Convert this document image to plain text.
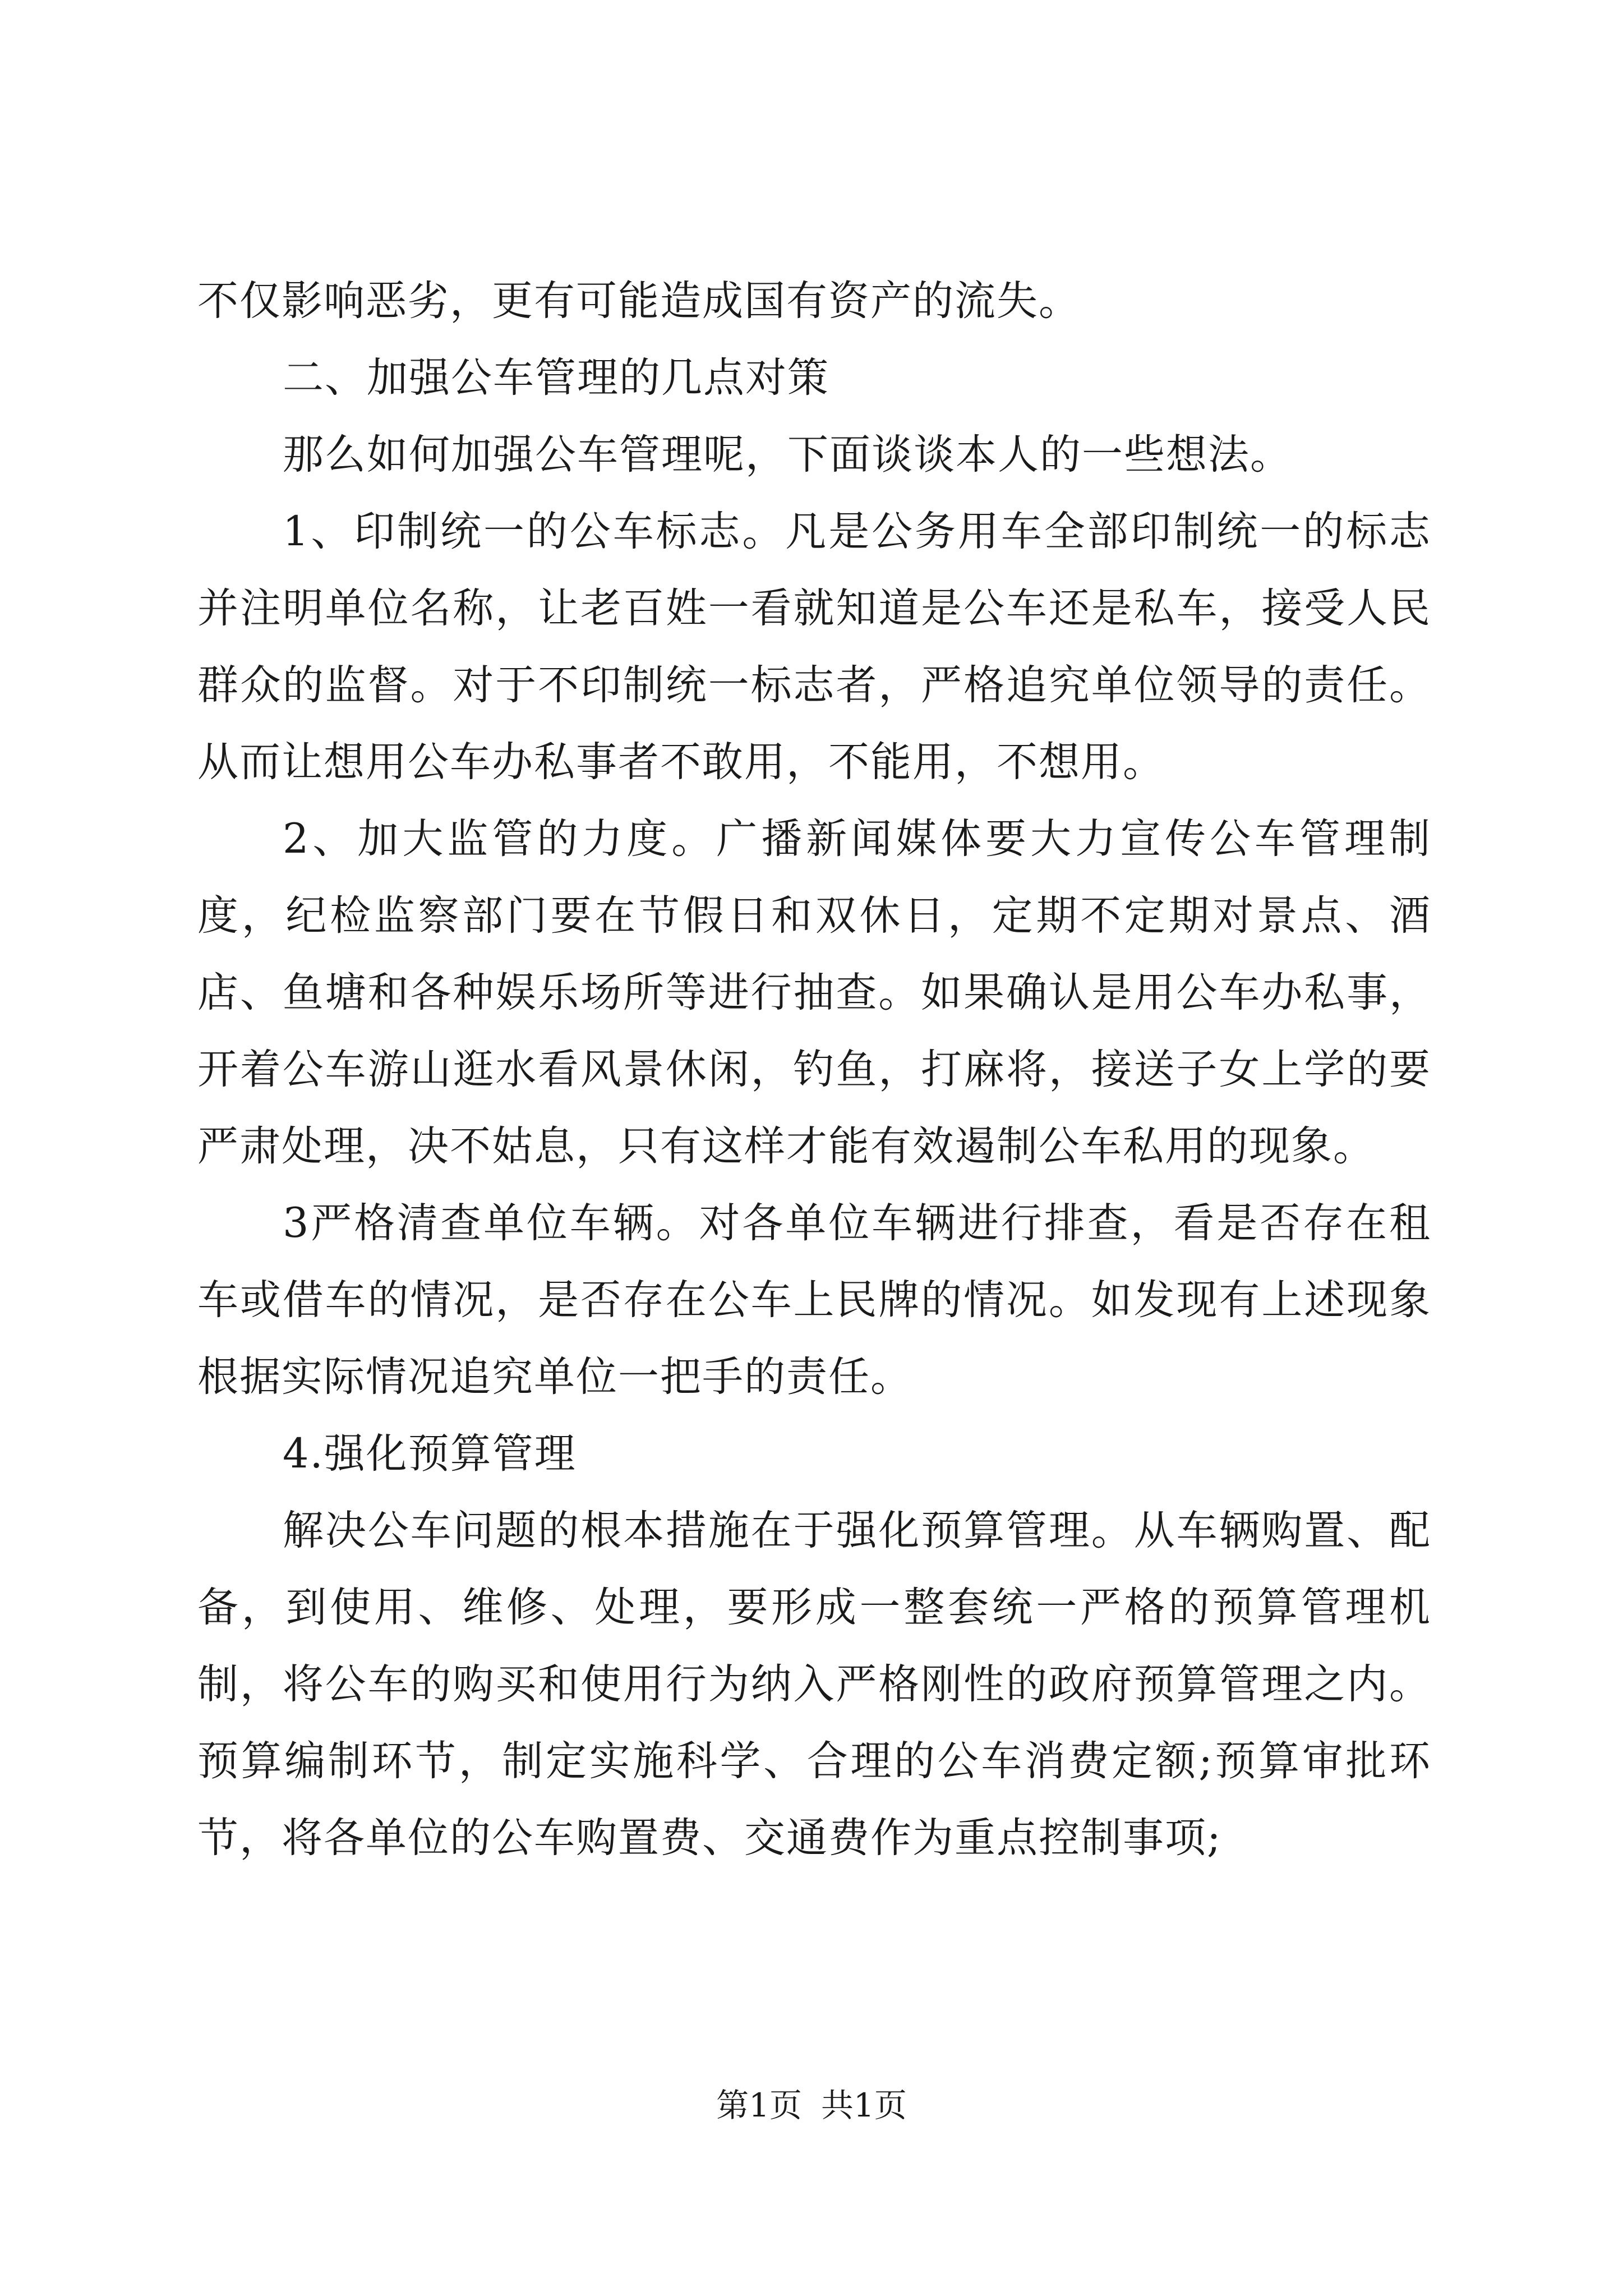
不仅影响恶劣，更有可能造成国有资产的流失。

二、加强公车管理的几点对策

那么如何加强公车管理呢，下面谈谈本人的一些想法。

1、印制统一的公车标志。凡是公务用车全部印制统一的标志并注明单位名称，让老百姓一看就知道是公车还是私车，接受人民群众的监督。对于不印制统一标志者，严格追究单位领导的责任。从而让想用公车办私事者不敢用，不能用，不想用。

2、加大监管的力度。广播新闻媒体要大力宣传公车管理制度，纪检监察部门要在节假日和双休日，定期不定期对景点、酒店、鱼塘和各种娱乐场所等进行抽查。如果确认是用公车办私事，开着公车游山逛水看风景休闲，钓鱼，打麻将，接送子女上学的要严肃处理，决不姑息，只有这样才能有效遏制公车私用的现象。

3严格清查单位车辆。对各单位车辆进行排查，看是否存在租车或借车的情况，是否存在公车上民牌的情况。如发现有上述现象根据实际情况追究单位一把手的责任。

4.强化预算管理

解决公车问题的根本措施在于强化预算管理。从车辆购置、配备，到使用、维修、处理，要形成一整套统一严格的预算管理机制，将公车的购买和使用行为纳入严格刚性的政府预算管理之内。预算编制环节，制定实施科学、合理的公车消费定额;预算审批环节，将各单位的公车购置费、交通费作为重点控制事项;

第1页 共1页
